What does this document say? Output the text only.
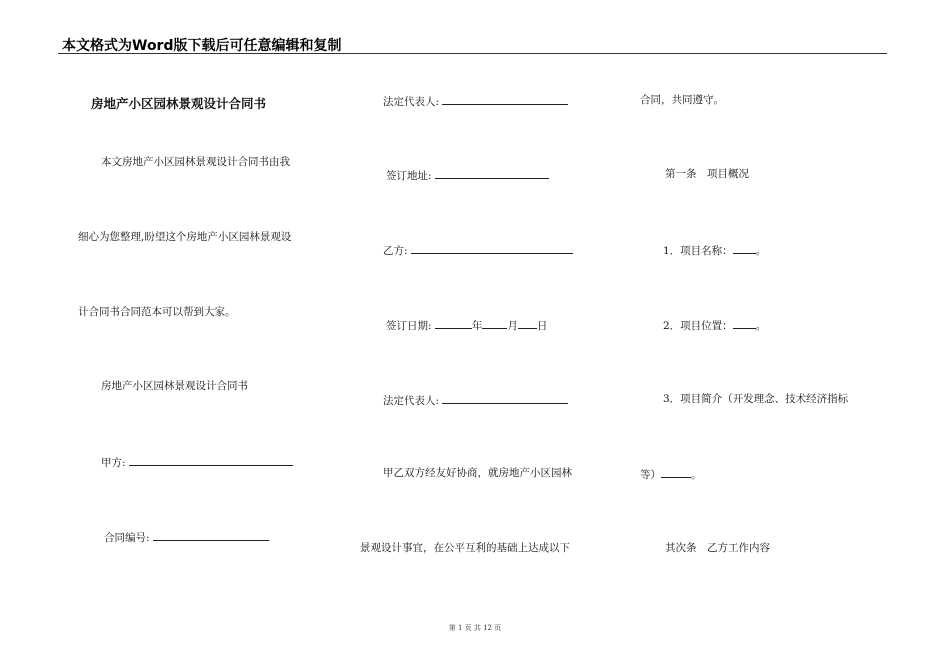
本文格式为Word版下载后可任意编辑和复制
房地产小区园林景观设计合同书
本文房地产小区园林景观设计合同书由我
细心为您整理,盼望这个房地产小区园林景观设
计合同书合同范本可以帮到大家。
房地产小区园林景观设计合同书
甲方:
合同编号:
法定代表人:
签订地址:
乙方:
签订日期:	年 月 日
法定代表人:
甲乙双方经友好协商，就房地产小区园林
景观设计事宜，在公平互利的基础上达成以下
合同，共同遵守。
第一条　项目概况
1．项目名称： 。
2．项目位置： 。
3．项目简介（开发理念、技术经济指标
等）	。
其次条　乙方工作内容
第 1 页 共 12 页
